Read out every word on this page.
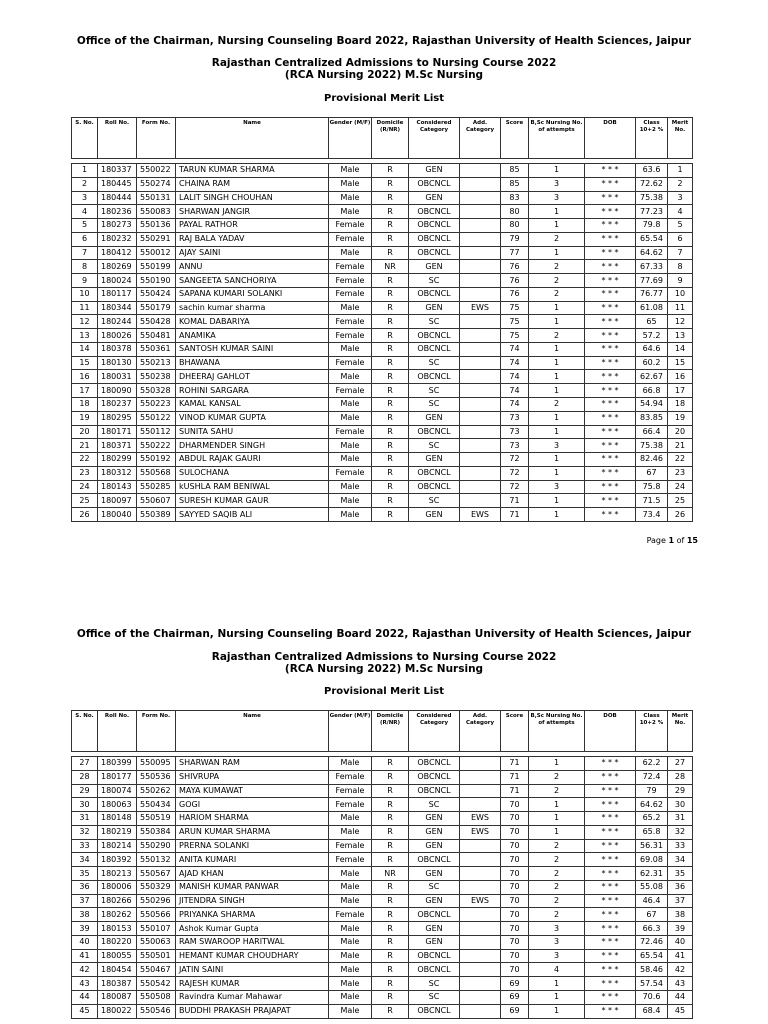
Office of the Chairman, Nursing Counseling Board 2022, Rajasthan University of Health Sciences, Jaipur
Rajasthan Centralized Admissions to Nursing Course 2022
(RCA Nursing 2022) M.Sc Nursing
Provisional Merit List
S. No.	Roll No.	Form No.	Name	Gender (M/F)	Domicile (R/NR)	Considered Category	Add. Category	Score	B,Sc Nursing No. of attempts	DOB	Class 10+2 %	Merit No.
1	180337	550022	TARUN KUMAR SHARMA	Male	R	GEN		85	1	* * *	63.6	1
2	180445	550274	CHAINA RAM	Male	R	OBCNCL		85	3	* * *	72.62	2
3	180444	550131	LALIT SINGH CHOUHAN	Male	R	GEN		83	3	* * *	75.38	3
4	180236	550083	SHARWAN JANGIR	Male	R	OBCNCL		80	1	* * *	77.23	4
5	180273	550136	PAYAL RATHOR	Female	R	OBCNCL		80	1	* * *	79.8	5
6	180232	550291	RAJ BALA YADAV	Female	R	OBCNCL		79	2	* * *	65.54	6
7	180412	550012	AJAY SAINI	Male	R	OBCNCL		77	1	* * *	64.62	7
8	180269	550199	ANNU	Female	NR	GEN		76	2	* * *	67.33	8
9	180024	550190	SANGEETA SANCHORIYA	Female	R	SC		76	2	* * *	77.69	9
10	180117	550424	SAPANA KUMARI SOLANKI	Female	R	OBCNCL		76	2	* * *	76.77	10
11	180344	550179	sachin kumar sharma	Male	R	GEN	EWS	75	1	* * *	61.08	11
12	180244	550428	KOMAL DABARIYA	Female	R	SC		75	1	* * *	65	12
13	180026	550481	ANAMIKA	Female	R	OBCNCL		75	2	* * *	57.2	13
14	180378	550361	SANTOSH KUMAR SAINI	Male	R	OBCNCL		74	1	* * *	64.6	14
15	180130	550213	BHAWANA	Female	R	SC		74	1	* * *	60.2	15
16	180031	550238	DHEERAJ GAHLOT	Male	R	OBCNCL		74	1	* * *	62.67	16
17	180090	550328	ROHINI SARGARA	Female	R	SC		74	1	* * *	66.8	17
18	180237	550223	KAMAL KANSAL	Male	R	SC		74	2	* * *	54.94	18
19	180295	550122	VINOD KUMAR GUPTA	Male	R	GEN		73	1	* * *	83.85	19
20	180171	550112	SUNITA SAHU	Female	R	OBCNCL		73	1	* * *	66.4	20
21	180371	550222	DHARMENDER SINGH	Male	R	SC		73	3	* * *	75.38	21
22	180299	550192	ABDUL RAJAK GAURI	Male	R	GEN		72	1	* * *	82.46	22
23	180312	550568	SULOCHANA	Female	R	OBCNCL		72	1	* * *	67	23
24	180143	550285	kUSHLA RAM BENIWAL	Male	R	OBCNCL		72	3	* * *	75.8	24
25	180097	550607	SURESH KUMAR GAUR	Male	R	SC		71	1	* * *	71.5	25
26	180040	550389	SAYYED SAQIB ALI	Male	R	GEN	EWS	71	1	* * *	73.4	26
Page 1 of 15
Office of the Chairman, Nursing Counseling Board 2022, Rajasthan University of Health Sciences, Jaipur
Rajasthan Centralized Admissions to Nursing Course 2022
(RCA Nursing 2022) M.Sc Nursing
Provisional Merit List
S. No.	Roll No.	Form No.	Name	Gender (M/F)	Domicile (R/NR)	Considered Category	Add. Category	Score	B,Sc Nursing No. of attempts	DOB	Class 10+2 %	Merit No.
27	180399	550095	SHARWAN RAM	Male	R	OBCNCL		71	1	* * *	62.2	27
28	180177	550536	SHIVRUPA	Female	R	OBCNCL		71	2	* * *	72.4	28
29	180074	550262	MAYA KUMAWAT	Female	R	OBCNCL		71	2	* * *	79	29
30	180063	550434	GOGI	Female	R	SC		70	1	* * *	64.62	30
31	180148	550519	HARIOM SHARMA	Male	R	GEN	EWS	70	1	* * *	65.2	31
32	180219	550384	ARUN KUMAR SHARMA	Male	R	GEN	EWS	70	1	* * *	65.8	32
33	180214	550290	PRERNA SOLANKI	Female	R	GEN		70	2	* * *	56.31	33
34	180392	550132	ANITA KUMARI	Female	R	OBCNCL		70	2	* * *	69.08	34
35	180213	550567	AJAD KHAN	Male	NR	GEN		70	2	* * *	62.31	35
36	180006	550329	MANISH KUMAR PANWAR	Male	R	SC		70	2	* * *	55.08	36
37	180266	550296	JITENDRA SINGH	Male	R	GEN	EWS	70	2	* * *	46.4	37
38	180262	550566	PRIYANKA SHARMA	Female	R	OBCNCL		70	2	* * *	67	38
39	180153	550107	Ashok Kumar Gupta	Male	R	GEN		70	3	* * *	66.3	39
40	180220	550063	RAM SWAROOP HARITWAL	Male	R	GEN		70	3	* * *	72.46	40
41	180055	550501	HEMANT KUMAR CHOUDHARY	Male	R	OBCNCL		70	3	* * *	65.54	41
42	180454	550467	JATIN SAINI	Male	R	OBCNCL		70	4	* * *	58.46	42
43	180387	550542	RAJESH KUMAR	Male	R	SC		69	1	* * *	57.54	43
44	180087	550508	Ravindra Kumar Mahawar	Male	R	SC		69	1	* * *	70.6	44
45	180022	550546	BUDDHI PRAKASH PRAJAPAT	Male	R	OBCNCL		69	1	* * *	68.4	45
